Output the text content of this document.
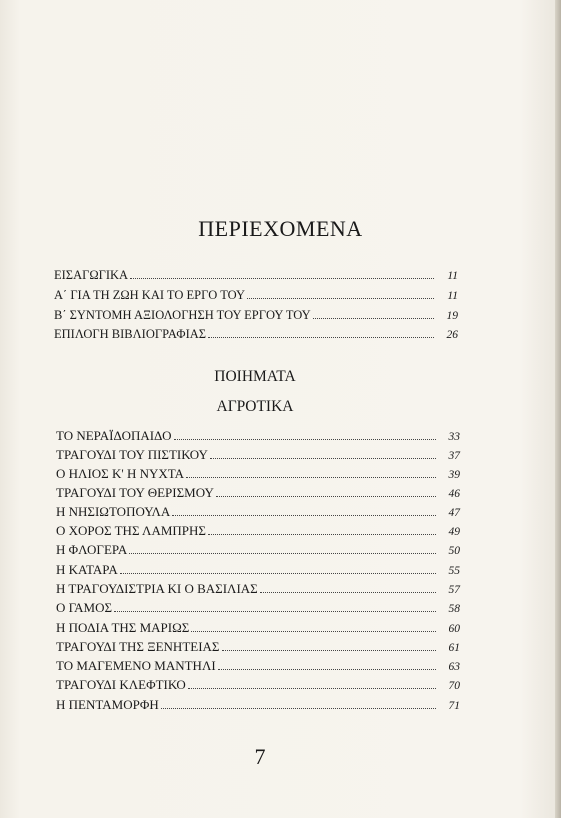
ΠΕΡΙΕΧΟΜΕΝΑ
ΕΙΣΑΓΩΓΙΚΑ	11
Α΄ ΓΙΑ ΤΗ ΖΩΗ ΚΑΙ ΤΟ ΕΡΓΟ ΤΟΥ	11
Β΄ ΣΥΝΤΟΜΗ ΑΞΙΟΛΟΓΗΣΗ ΤΟΥ ΕΡΓΟΥ ΤΟΥ	19
ΕΠΙΛΟΓΗ ΒΙΒΛΙΟΓΡΑΦΙΑΣ	26
ΠΟΙΗΜΑΤΑ
ΑΓΡΟΤΙΚΑ
ΤΟ ΝΕΡΑΪΔΟΠΑΙΔΟ	33
ΤΡΑΓΟΥΔΙ ΤΟΥ ΠΙΣΤΙΚΟΥ	37
Ο ΗΛΙΟΣ Κ' Η ΝΥΧΤΑ	39
ΤΡΑΓΟΥΔΙ ΤΟΥ ΘΕΡΙΣΜΟΥ	46
Η ΝΗΣΙΩΤΟΠΟΥΛΑ	47
Ο ΧΟΡΟΣ ΤΗΣ ΛΑΜΠΡΗΣ	49
Η ΦΛΟΓΕΡΑ	50
Η ΚΑΤΑΡΑ	55
Η ΤΡΑΓΟΥΔΙΣΤΡΙΑ ΚΙ Ο ΒΑΣΙΛΙΑΣ	57
Ο ΓΑΜΟΣ	58
Η ΠΟΔΙΑ ΤΗΣ ΜΑΡΙΩΣ	60
ΤΡΑΓΟΥΔΙ ΤΗΣ ΞΕΝΗΤΕΙΑΣ	61
ΤΟ ΜΑΓΕΜΕΝΟ ΜΑΝΤΗΛΙ	63
ΤΡΑΓΟΥΔΙ ΚΛΕΦΤΙΚΟ	70
Η ΠΕΝΤΑΜΟΡΦΗ	71
7
